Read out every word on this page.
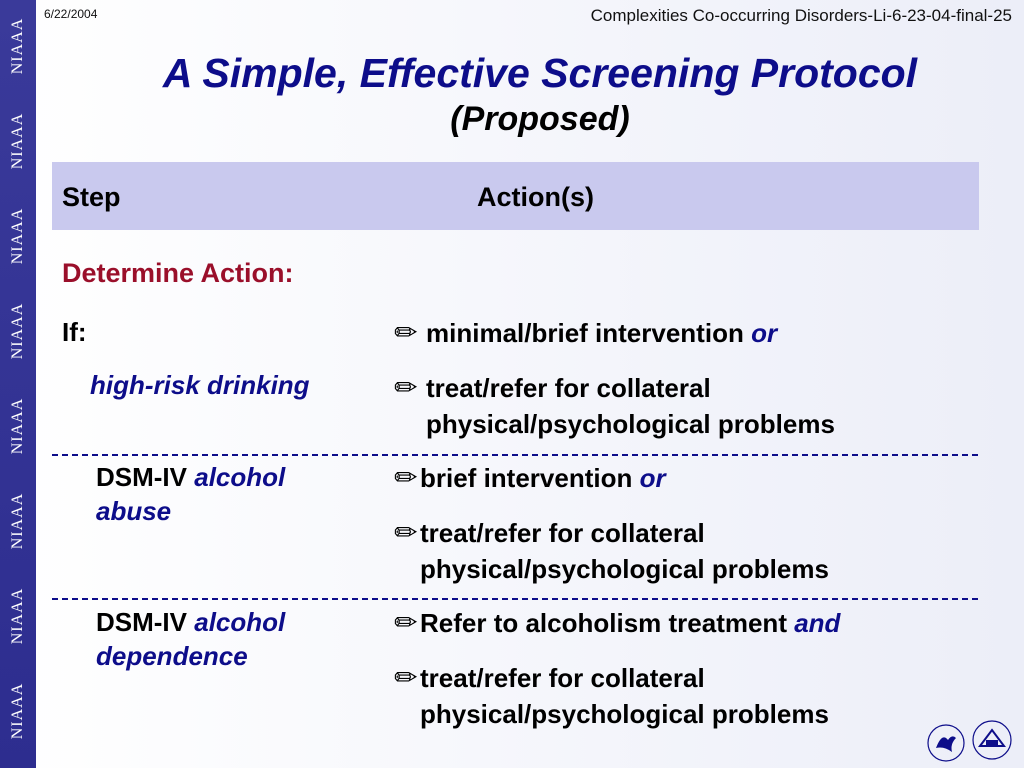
NIAAA
NIAAA
NIAAA
NIAAA
NIAAA
NIAAA
NIAAA
NIAAA
6/22/2004	Complexities Co-occurring Disorders-Li-6-23-04-final-25
A Simple, Effective Screening Protocol
(Proposed)
Step	Action(s)
Determine Action:
If:
high-risk drinking
✏ minimal/brief intervention or
✏ treat/refer for collateral
physical/psychological problems
DSM-IV alcohol
abuse
✏ brief intervention or
✏ treat/refer for collateral
physical/psychological problems
DSM-IV alcohol
dependence
✏ Refer to alcoholism treatment and
✏ treat/refer for collateral
physical/psychological problems
